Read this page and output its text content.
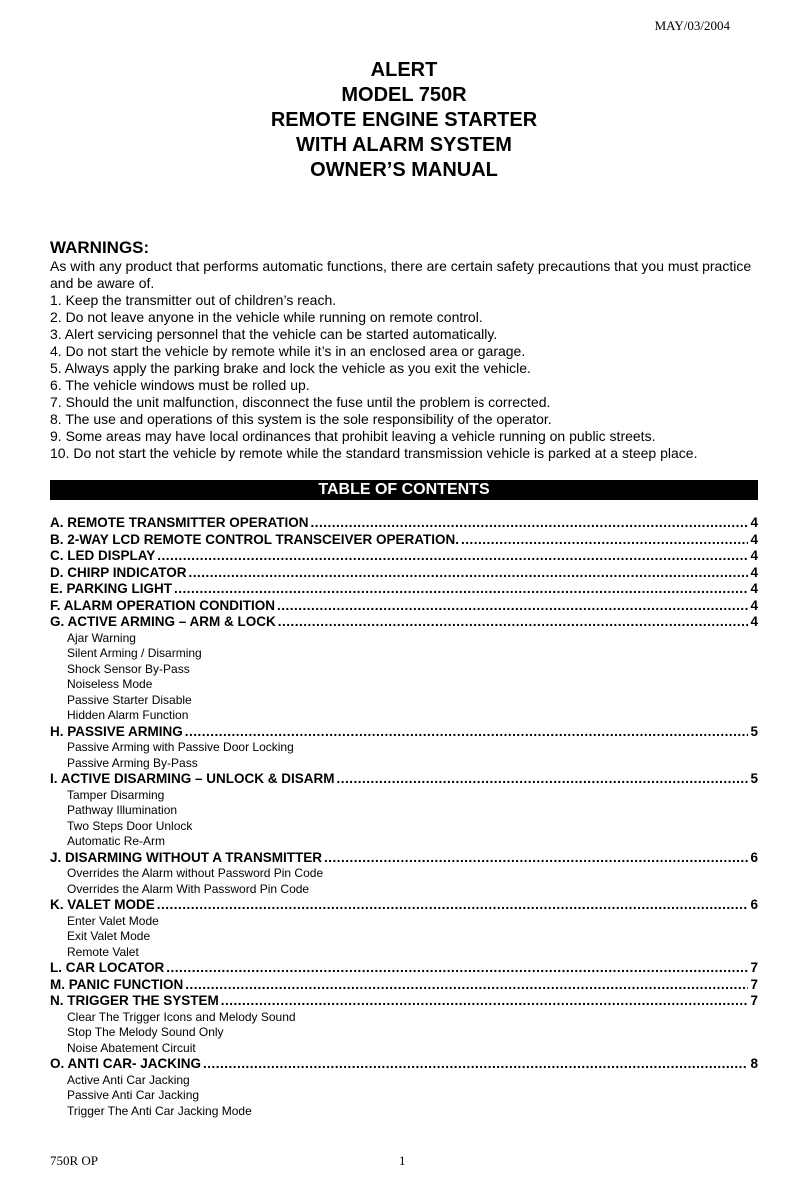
MAY/03/2004
ALERT
MODEL 750R
REMOTE ENGINE STARTER
WITH ALARM SYSTEM
OWNER’S MANUAL
WARNINGS:

As with any product that performs automatic functions, there are certain safety precautions that you must practice and be aware of.

1. Keep the transmitter out of children’s reach.
2. Do not leave anyone in the vehicle while running on remote control.
3. Alert servicing personnel that the vehicle can be started automatically.
4. Do not start the vehicle by remote while it’s in an enclosed area or garage.
5. Always apply the parking brake and lock the vehicle as you exit the vehicle.
6. The vehicle windows must be rolled up.
7. Should the unit malfunction, disconnect the fuse until the problem is corrected.
8. The use and operations of this system is the sole responsibility of the operator.
9. Some areas may have local ordinances that prohibit leaving a vehicle running on public streets.
10. Do not start the vehicle by remote while the standard transmission vehicle is parked at a steep place.
TABLE OF CONTENTS
A. REMOTE TRANSMITTER OPERATION .....	4
B. 2-WAY LCD REMOTE CONTROL TRANSCEIVER OPERATION. .....	4
C. LED DISPLAY .....	4
D. CHIRP INDICATOR .....	4
E. PARKING LIGHT .....	4
F. ALARM OPERATION CONDITION .....	4
G. ACTIVE ARMING – ARM & LOCK .....	4
Ajar Warning
Silent Arming / Disarming
Shock Sensor By-Pass
Noiseless Mode
Passive Starter Disable
Hidden Alarm Function
H. PASSIVE ARMING .....	5
Passive Arming with Passive Door Locking
Passive Arming By-Pass
I. ACTIVE DISARMING – UNLOCK & DISARM .....	5
Tamper Disarming
Pathway Illumination
Two Steps Door Unlock
Automatic Re-Arm
J. DISARMING WITHOUT A TRANSMITTER .....	6
Overrides the Alarm without Password Pin Code
Overrides the Alarm With Password Pin Code
K. VALET MODE .....	6
Enter Valet Mode
Exit Valet Mode
Remote Valet
L. CAR LOCATOR .....	7
M. PANIC FUNCTION .....	7
N. TRIGGER THE SYSTEM .....	7
Clear The Trigger Icons and Melody Sound
Stop The Melody Sound Only
Noise Abatement Circuit
O. ANTI CAR- JACKING .....	8
Active Anti Car Jacking
Passive Anti Car Jacking
Trigger The Anti Car Jacking Mode
750R OP	1
